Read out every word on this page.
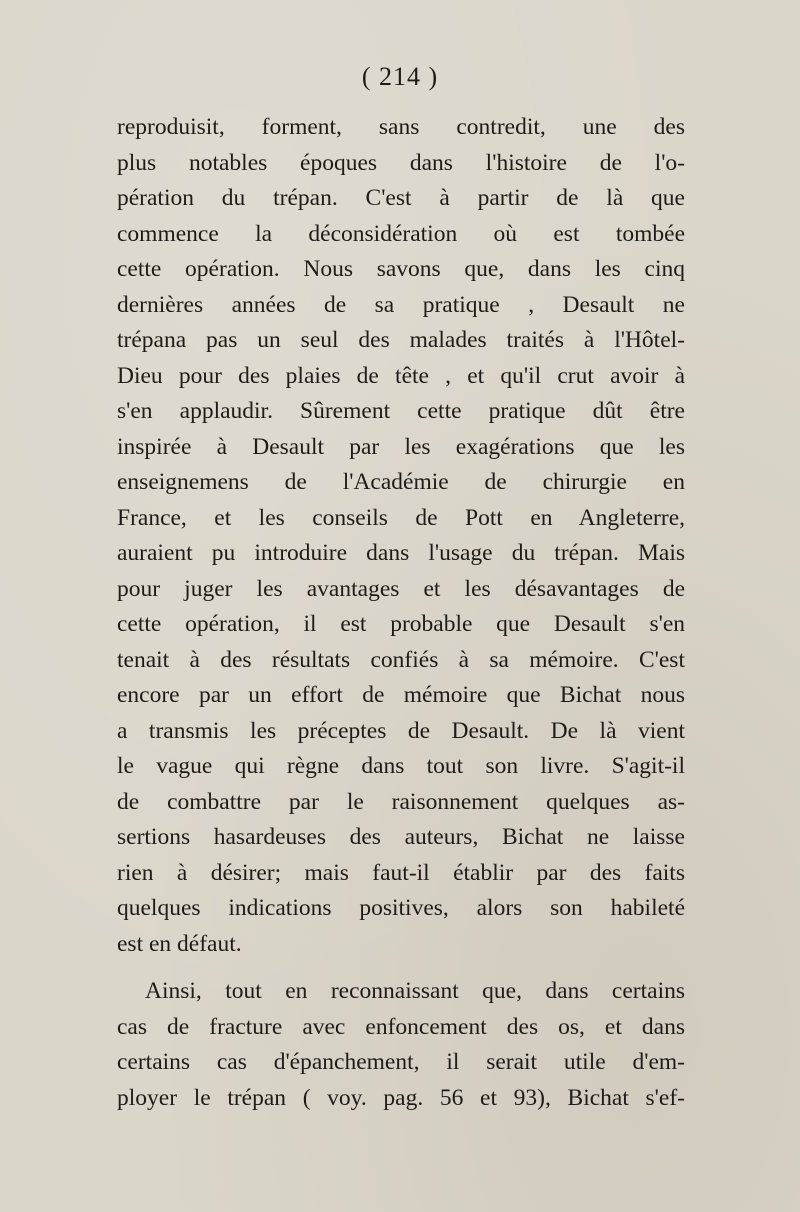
( 214 )
reproduisit, forment, sans contredit, une des
plus notables époques dans l'histoire de l'o-
pération du trépan. C'est à partir de là que
commence la déconsidération où est tombée
cette opération. Nous savons que, dans les cinq
dernières années de sa pratique , Desault ne
trépana pas un seul des malades traités à l'Hôtel-
Dieu pour des plaies de tête , et qu'il crut avoir à
s'en applaudir. Sûrement cette pratique dût être
inspirée à Desault par les exagérations que les
enseignemens de l'Académie de chirurgie en
France, et les conseils de Pott en Angleterre,
auraient pu introduire dans l'usage du trépan. Mais
pour juger les avantages et les désavantages de
cette opération, il est probable que Desault s'en
tenait à des résultats confiés à sa mémoire. C'est
encore par un effort de mémoire que Bichat nous
a transmis les préceptes de Desault. De là vient
le vague qui règne dans tout son livre. S'agit-il
de combattre par le raisonnement quelques as-
sertions hasardeuses des auteurs, Bichat ne laisse
rien à désirer; mais faut-il établir par des faits
quelques indications positives, alors son habileté
est en défaut.
Ainsi, tout en reconnaissant que, dans certains
cas de fracture avec enfoncement des os, et dans
certains cas d'épanchement, il serait utile d'em-
ployer le trépan ( voy. pag. 56 et 93), Bichat s'ef-
